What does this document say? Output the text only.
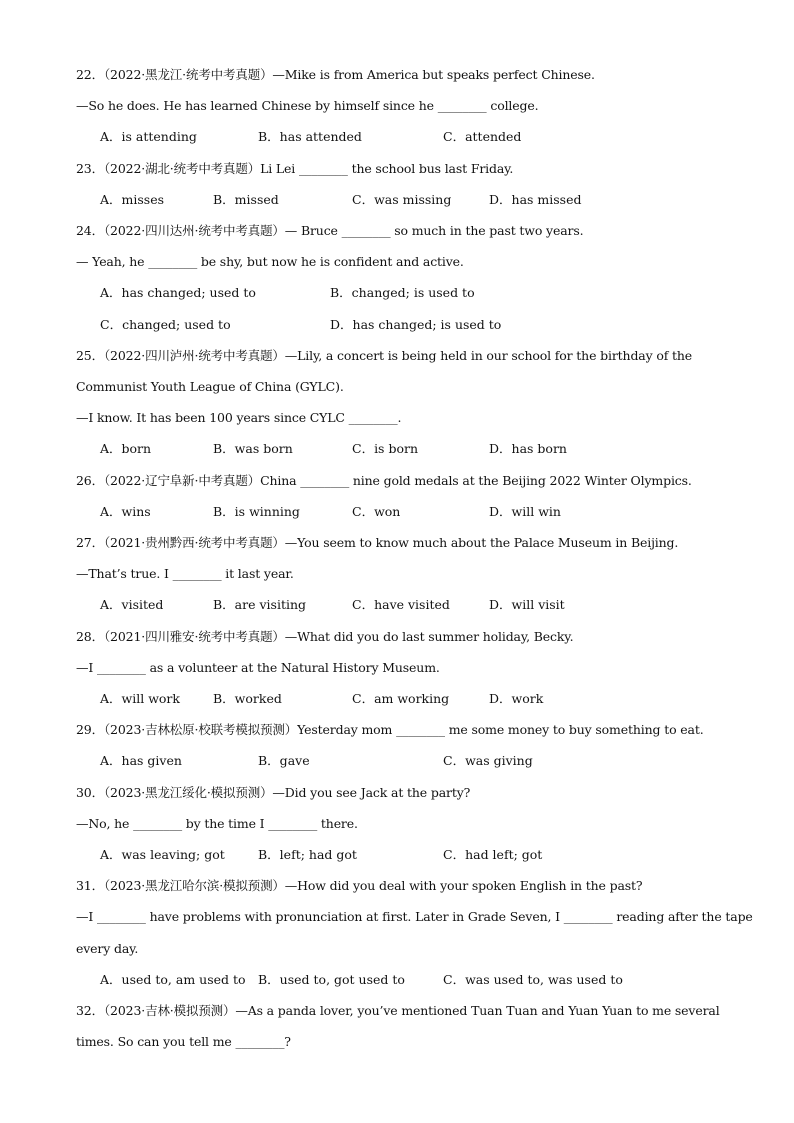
22．（2022·黑龙江·统考中考真题）—Mike is from America but speaks perfect Chinese.
—So he does. He has learned Chinese by himself since he ________ college.
A．is attending	B．has attended	C．attended
23．（2022·湖北·统考中考真题）Li Lei ________ the school bus last Friday.
A．misses	B．missed	C．was missing	D．has missed
24．（2022·四川达州·统考中考真题）— Bruce ________ so much in the past two years.
— Yeah, he ________ be shy, but now he is confident and active.
A．has changed; used to	B．changed; is used to
C．changed; used to	D．has changed; is used to
25．（2022·四川泸州·统考中考真题）—Lily, a concert is being held in our school for the birthday of the
Communist Youth League of China (GYLC).
—I know. It has been 100 years since CYLC ________.
A．born	B．was born	C．is born	D．has born
26．（2022·辽宁阜新·中考真题）China ________ nine gold medals at the Beijing 2022 Winter Olympics.
A．wins	B．is winning	C．won	D．will win
27．（2021·贵州黔西·统考中考真题）—You seem to know much about the Palace Museum in Beijing.
—That’s true. I ________ it last year.
A．visited	B．are visiting	C．have visited	D．will visit
28．（2021·四川雅安·统考中考真题）—What did you do last summer holiday, Becky.
—I ________ as a volunteer at the Natural History Museum.
A．will work	B．worked	C．am working	D．work
29．（2023·吉林松原·校联考模拟预测）Yesterday mom ________ me some money to buy something to eat.
A．has given	B．gave	C．was giving
30．（2023·黑龙江绥化·模拟预测）—Did you see Jack at the party?
—No, he ________ by the time I ________ there.
A．was leaving; got	B．left; had got	C．had left; got
31．（2023·黑龙江哈尔滨·模拟预测）—How did you deal with your spoken English in the past?
—I ________ have problems with pronunciation at first. Later in Grade Seven, I ________ reading after the tape
every day.
A．used to, am used to B．used to, got used to	C．was used to, was used to
32．（2023·吉林·模拟预测）—As a panda lover, you’ve mentioned Tuan Tuan and Yuan Yuan to me several
times. So can you tell me ________?
